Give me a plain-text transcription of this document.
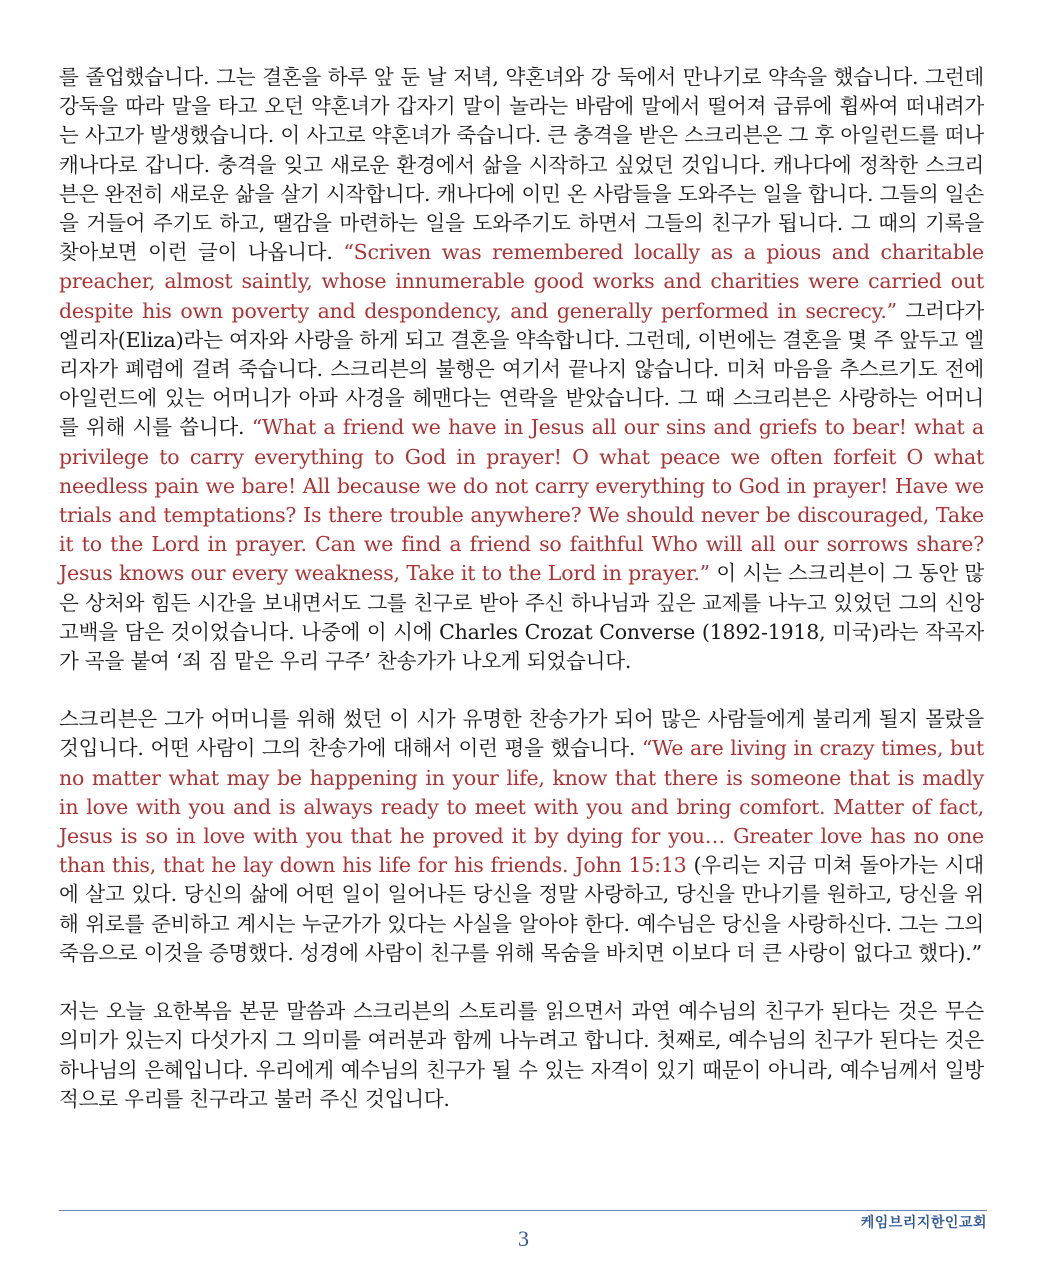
를 졸업했습니다. 그는 결혼을 하루 앞 둔 날 저녁, 약혼녀와 강 둑에서 만나기로 약속을 했습니다. 그런데 강둑을 따라 말을 타고 오던 약혼녀가 갑자기 말이 놀라는 바람에 말에서 떨어져 급류에 휩싸여 떠내려가는 사고가 발생했습니다. 이 사고로 약혼녀가 죽습니다. 큰 충격을 받은 스크리븐은 그 후 아일런드를 떠나 캐나다로 갑니다. 충격을 잊고 새로운 환경에서 삶을 시작하고 싶었던 것입니다. 캐나다에 정착한 스크리븐은 완전히 새로운 삶을 살기 시작합니다. 캐나다에 이민 온 사람들을 도와주는 일을 합니다. 그들의 일손을 거들어 주기도 하고, 땔감을 마련하는 일을 도와주기도 하면서 그들의 친구가 됩니다. 그 때의 기록을 찾아보면 이런 글이 나옵니다. “Scriven was remembered locally as a pious and charitable preacher, almost saintly, whose innumerable good works and charities were carried out despite his own poverty and despondency, and generally performed in secrecy.” 그러다가 엘리자(Eliza)라는 여자와 사랑을 하게 되고 결혼을 약속합니다. 그런데, 이번에는 결혼을 몇 주 앞두고 엘리자가 폐렴에 걸려 죽습니다. 스크리븐의 불행은 여기서 끝나지 않습니다. 미처 마음을 추스르기도 전에 아일런드에 있는 어머니가 아파 사경을 헤맨다는 연락을 받았습니다. 그 때 스크리븐은 사랑하는 어머니를 위해 시를 씁니다. “What a friend we have in Jesus all our sins and griefs to bear! what a privilege to carry everything to God in prayer! O what peace we often forfeit O what needless pain we bare! All because we do not carry everything to God in prayer! Have we trials and temptations? Is there trouble anywhere? We should never be discouraged, Take it to the Lord in prayer. Can we find a friend so faithful Who will all our sorrows share? Jesus knows our every weakness, Take it to the Lord in prayer.” 이 시는 스크리븐이 그 동안 많은 상처와 힘든 시간을 보내면서도 그를 친구로 받아 주신 하나님과 깊은 교제를 나누고 있었던 그의 신앙고백을 담은 것이었습니다. 나중에 이 시에 Charles Crozat Converse (1892-1918, 미국)라는 작곡자가 곡을 붙여 ‘죄 짐 맡은 우리 구주’ 찬송가가 나오게 되었습니다.

스크리븐은 그가 어머니를 위해 썼던 이 시가 유명한 찬송가가 되어 많은 사람들에게 불리게 될지 몰랐을 것입니다. 어떤 사람이 그의 찬송가에 대해서 이런 평을 했습니다. “We are living in crazy times, but no matter what may be happening in your life, know that there is someone that is madly in love with you and is always ready to meet with you and bring comfort. Matter of fact, Jesus is so in love with you that he proved it by dying for you… Greater love has no one than this, that he lay down his life for his friends. John 15:13 (우리는 지금 미쳐 돌아가는 시대에 살고 있다. 당신의 삶에 어떤 일이 일어나든 당신을 정말 사랑하고, 당신을 만나기를 원하고, 당신을 위해 위로를 준비하고 계시는 누군가가 있다는 사실을 알아야 한다. 예수님은 당신을 사랑하신다. 그는 그의 죽음으로 이것을 증명했다. 성경에 사람이 친구를 위해 목숨을 바치면 이보다 더 큰 사랑이 없다고 했다).”

저는 오늘 요한복음 본문 말씀과 스크리븐의 스토리를 읽으면서 과연 예수님의 친구가 된다는 것은 무슨 의미가 있는지 다섯가지 그 의미를 여러분과 함께 나누려고 합니다. 첫째로, 예수님의 친구가 된다는 것은 하나님의 은혜입니다. 우리에게 예수님의 친구가 될 수 있는 자격이 있기 때문이 아니라, 예수님께서 일방적으로 우리를 친구라고 불러 주신 것입니다.

케임브리지한인교회
3
